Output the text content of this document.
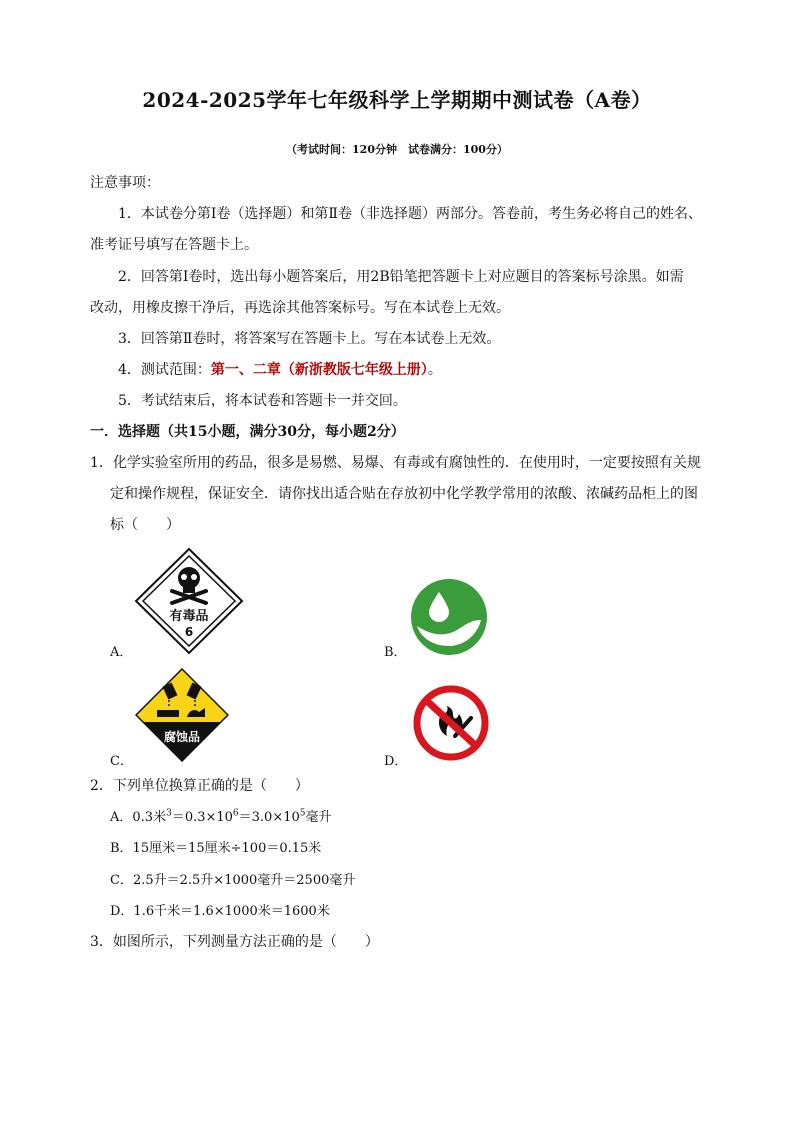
2024-2025学年七年级科学上学期期中测试卷（A卷）
（考试时间：120分钟　试卷满分：100分）
注意事项：
1．本试卷分第Ⅰ卷（选择题）和第Ⅱ卷（非选择题）两部分。答卷前，考生务必将自己的姓名、
准考证号填写在答题卡上。
2．回答第Ⅰ卷时，选出每小题答案后，用2B铅笔把答题卡上对应题目的答案标号涂黑。如需
改动，用橡皮擦干净后，再选涂其他答案标号。写在本试卷上无效。
3．回答第Ⅱ卷时，将答案写在答题卡上。写在本试卷上无效。
4．测试范围：第一、二章（新浙教版七年级上册）。
5．考试结束后，将本试卷和答题卡一并交回。
一．选择题（共15小题，满分30分，每小题2分）
1．化学实验室所用的药品，很多是易燃、易爆、有毒或有腐蚀性的．在使用时，一定要按照有关规
定和操作规程，保证安全．请你找出适合贴在存放初中化学教学常用的浓酸、浓碱药品柜上的图
标（　　）
有毒品
6
A．	B．
腐蚀品
C．	D．
2．下列单位换算正确的是（　　）
A．0.3米$^3=0.3\times 10^6=3.0\times 10^5$毫升
B．15厘米＝15厘米÷100＝0.15米
C．2.5升＝2.5升×1000毫升＝2500毫升
D．1.6千米＝1.6×1000米＝1600米
3．如图所示，下列测量方法正确的是（　　）
